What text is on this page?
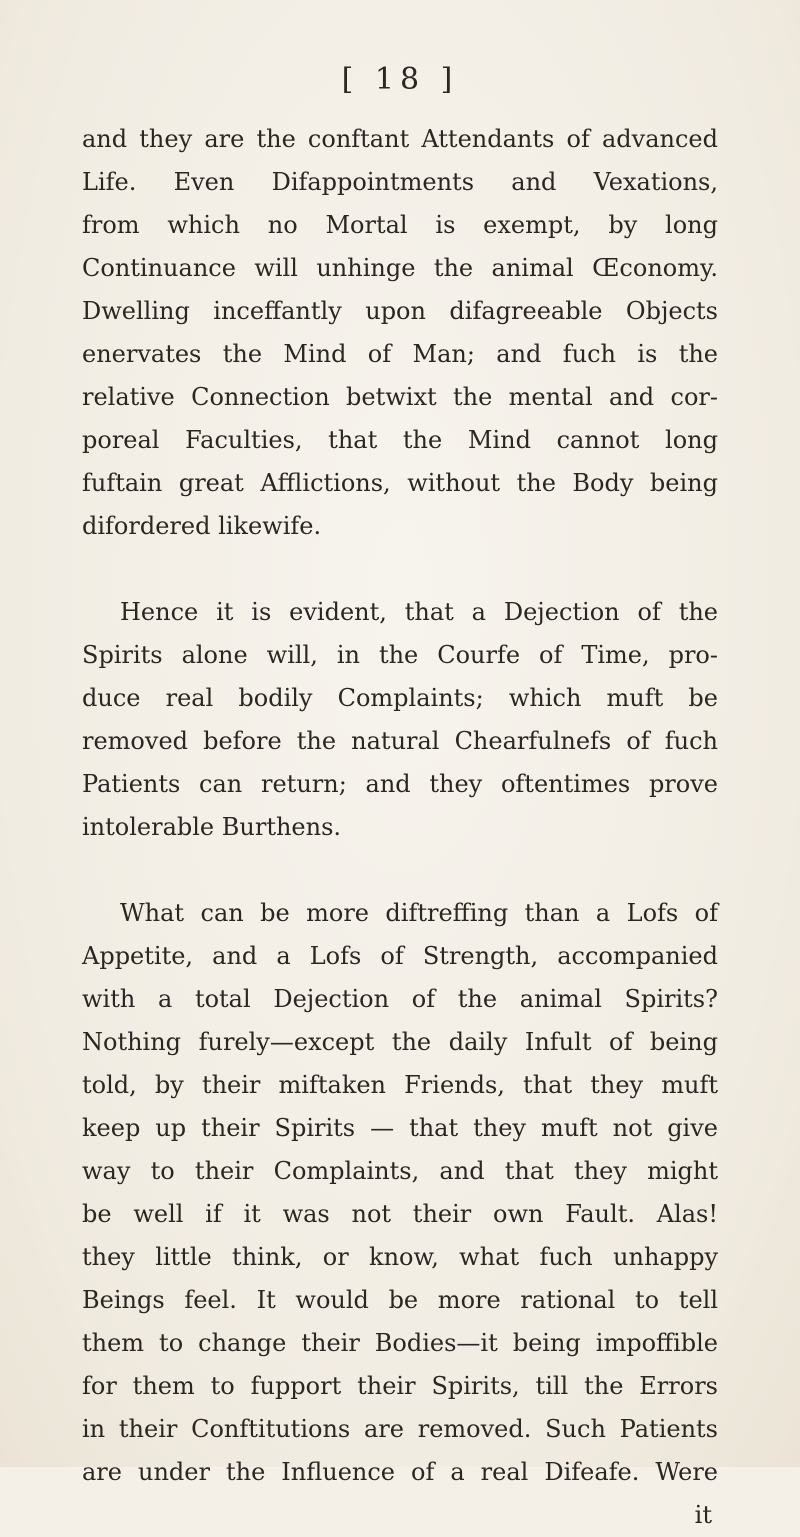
[ 18 ]
and they are the conftant Attendants of advanced
Life. Even Difappointments and Vexations,
from which no Mortal is exempt, by long
Continuance will unhinge the animal Œconomy.
Dwelling inceffantly upon difagreeable Objects
enervates the Mind of Man; and fuch is the
relative Connection betwixt the mental and cor-
poreal Faculties, that the Mind cannot long
fuftain great Afflictions, without the Body being
difordered likewife.
Hence it is evident, that a Dejection of the
Spirits alone will, in the Courfe of Time, pro-
duce real bodily Complaints; which muft be
removed before the natural Chearfulnefs of fuch
Patients can return; and they oftentimes prove
intolerable Burthens.
What can be more diftreffing than a Lofs of
Appetite, and a Lofs of Strength, accompanied
with a total Dejection of the animal Spirits?
Nothing furely—except the daily Infult of being
told, by their miftaken Friends, that they muft
keep up their Spirits — that they muft not give
way to their Complaints, and that they might
be well if it was not their own Fault. Alas!
they little think, or know, what fuch unhappy
Beings feel. It would be more rational to tell
them to change their Bodies—it being impoffible
for them to fupport their Spirits, till the Errors
in their Conftitutions are removed. Such Patients
are under the Influence of a real Difeafe. Were
it
